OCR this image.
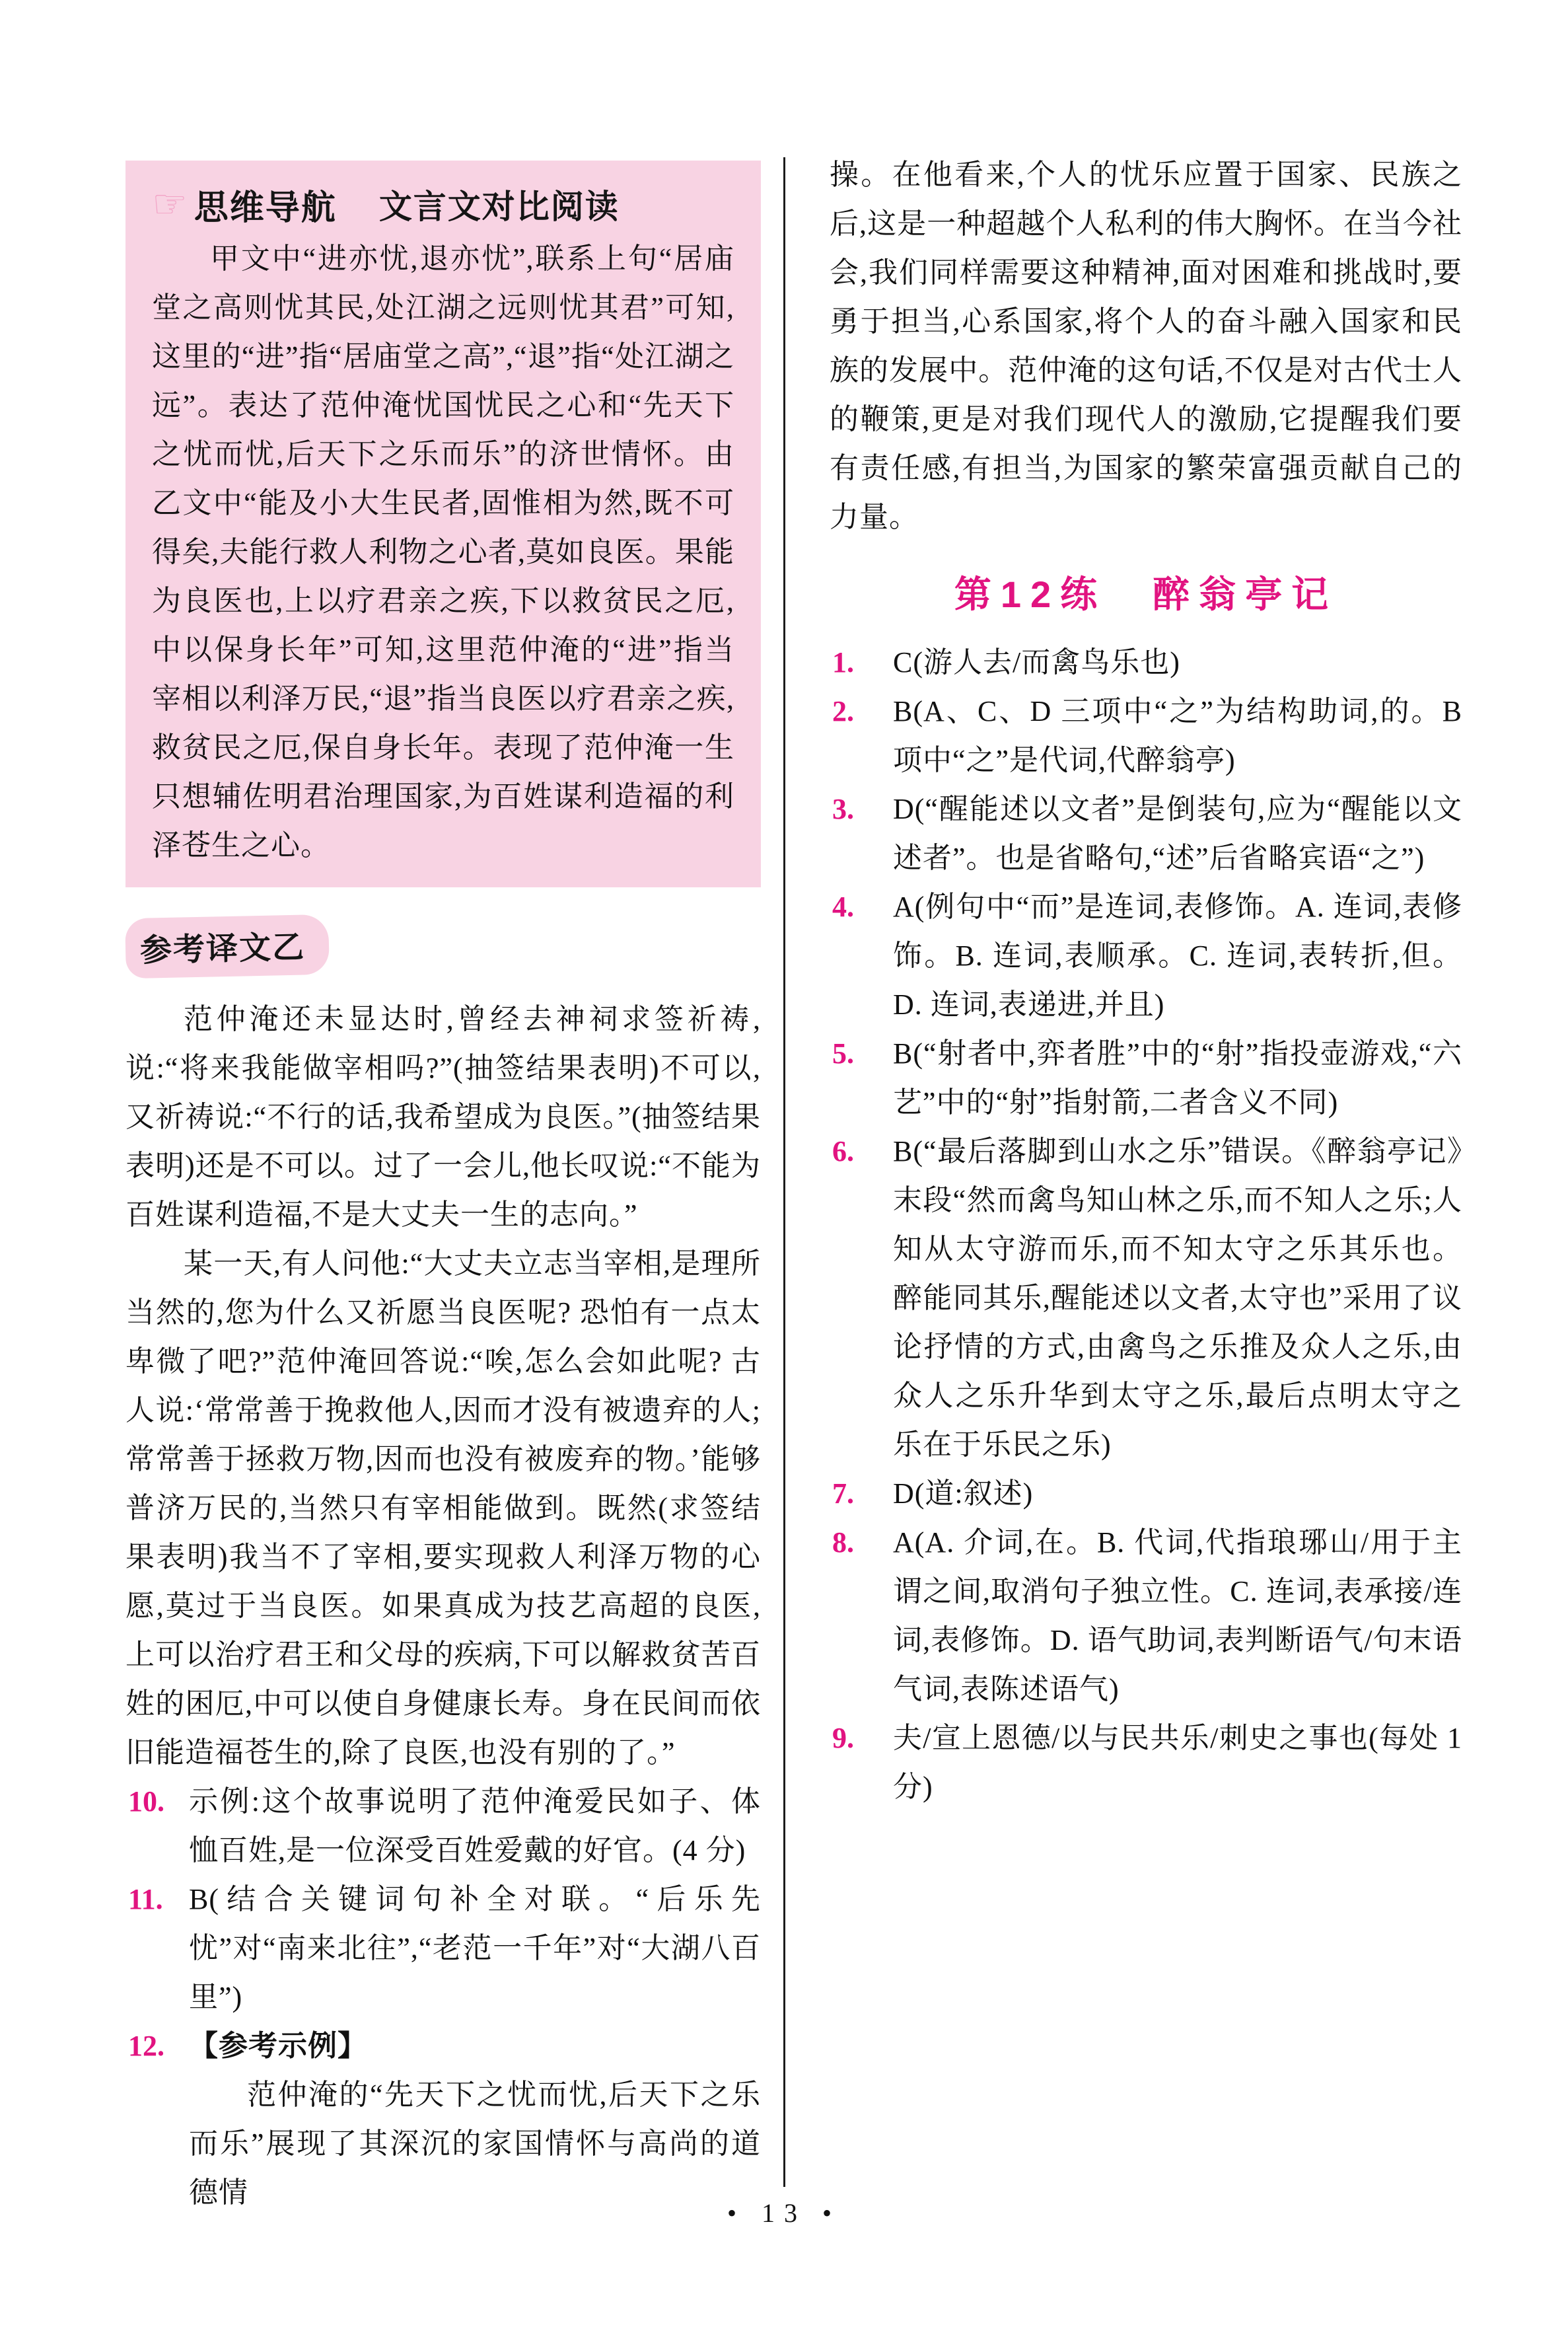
☞ 思维导航 文言文对比阅读

甲文中“进亦忧,退亦忧”,联系上句“居庙堂之高则忧其民,处江湖之远则忧其君”可知,这里的“进”指“居庙堂之高”,“退”指“处江湖之远”。表达了范仲淹忧国忧民之心和“先天下之忧而忧,后天下之乐而乐”的济世情怀。由乙文中“能及小大生民者,固惟相为然,既不可得矣,夫能行救人利物之心者,莫如良医。果能为良医也,上以疗君亲之疾,下以救贫民之厄,中以保身长年”可知,这里范仲淹的“进”指当宰相以利泽万民,“退”指当良医以疗君亲之疾,救贫民之厄,保自身长年。表现了范仲淹一生只想辅佐明君治理国家,为百姓谋利造福的利泽苍生之心。

参考译文乙

范仲淹还未显达时,曾经去神祠求签祈祷,说:“将来我能做宰相吗?”(抽签结果表明)不可以,又祈祷说:“不行的话,我希望成为良医。”(抽签结果表明)还是不可以。过了一会儿,他长叹说:“不能为百姓谋利造福,不是大丈夫一生的志向。”

某一天,有人问他:“大丈夫立志当宰相,是理所当然的,您为什么又祈愿当良医呢? 恐怕有一点太卑微了吧?”范仲淹回答说:“唉,怎么会如此呢? 古人说:‘常常善于挽救他人,因而才没有被遗弃的人;常常善于拯救万物,因而也没有被废弃的物。’能够普济万民的,当然只有宰相能做到。既然(求签结果表明)我当不了宰相,要实现救人利泽万物的心愿,莫过于当良医。如果真成为技艺高超的良医,上可以治疗君王和父母的疾病,下可以解救贫苦百姓的困厄,中可以使自身健康长寿。身在民间而依旧能造福苍生的,除了良医,也没有别的了。”

10. 示例:这个故事说明了范仲淹爱民如子、体恤百姓,是一位深受百姓爱戴的好官。(4 分)
11. B(结合关键词句补全对联。“后乐先忧”对“南来北往”,“老范一千年”对“大湖八百里”)
12. 【参考示例】

范仲淹的“先天下之忧而忧,后天下之乐而乐”展现了其深沉的家国情怀与高尚的道德情

操。在他看来,个人的忧乐应置于国家、民族之后,这是一种超越个人私利的伟大胸怀。在当今社会,我们同样需要这种精神,面对困难和挑战时,要勇于担当,心系国家,将个人的奋斗融入国家和民族的发展中。范仲淹的这句话,不仅是对古代士人的鞭策,更是对我们现代人的激励,它提醒我们要有责任感,有担当,为国家的繁荣富强贡献自己的力量。

第12练　醉翁亭记
1.	C(游人去/而禽鸟乐也)
2.	B(A、C、D 三项中“之”为结构助词,的。B 项中“之”是代词,代醉翁亭)
3.	D(“醒能述以文者”是倒装句,应为“醒能以文述者”。也是省略句,“述”后省略宾语“之”)
4.	A(例句中“而”是连词,表修饰。A. 连词,表修饰。B. 连词,表顺承。C. 连词,表转折,但。D. 连词,表递进,并且)
5.	B(“射者中,弈者胜”中的“射”指投壶游戏,“六艺”中的“射”指射箭,二者含义不同)
6.	B(“最后落脚到山水之乐”错误。《醉翁亭记》末段“然而禽鸟知山林之乐,而不知人之乐;人知从太守游而乐,而不知太守之乐其乐也。醉能同其乐,醒能述以文者,太守也”采用了议论抒情的方式,由禽鸟之乐推及众人之乐,由众人之乐升华到太守之乐,最后点明太守之乐在于乐民之乐)
7.	D(道:叙述)
8.	A(A. 介词,在。B. 代词,代指琅琊山/用于主谓之间,取消句子独立性。C. 连词,表承接/连词,表修饰。D. 语气助词,表判断语气/句末语气词,表陈述语气)
9.	夫/宣上恩德/以与民共乐/刺史之事也(每处 1 分)
• 13 •
